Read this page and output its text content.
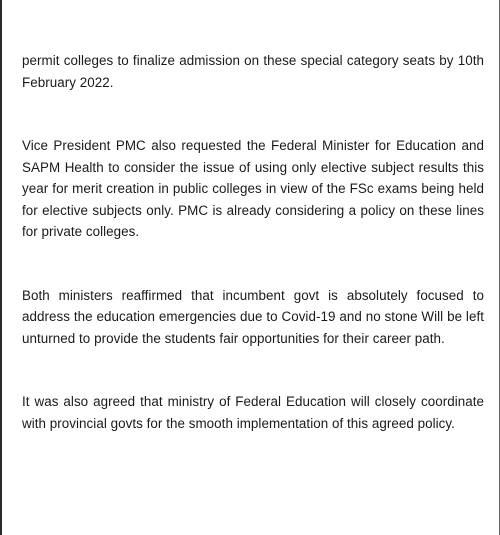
permit colleges to finalize admission on these special category seats by 10th February 2022.

Vice President PMC also requested the Federal Minister for Education and SAPM Health to consider the issue of using only elective subject results this year for merit creation in public colleges in view of the FSc exams being held for elective subjects only. PMC is already considering a policy on these lines for private colleges.

Both ministers reaffirmed that incumbent govt is absolutely focused to address the education emergencies due to Covid-19 and no stone Will be left unturned to provide the students fair opportunities for their career path.

It was also agreed that ministry of Federal Education will closely coordinate with provincial govts for the smooth implementation of this agreed policy.
